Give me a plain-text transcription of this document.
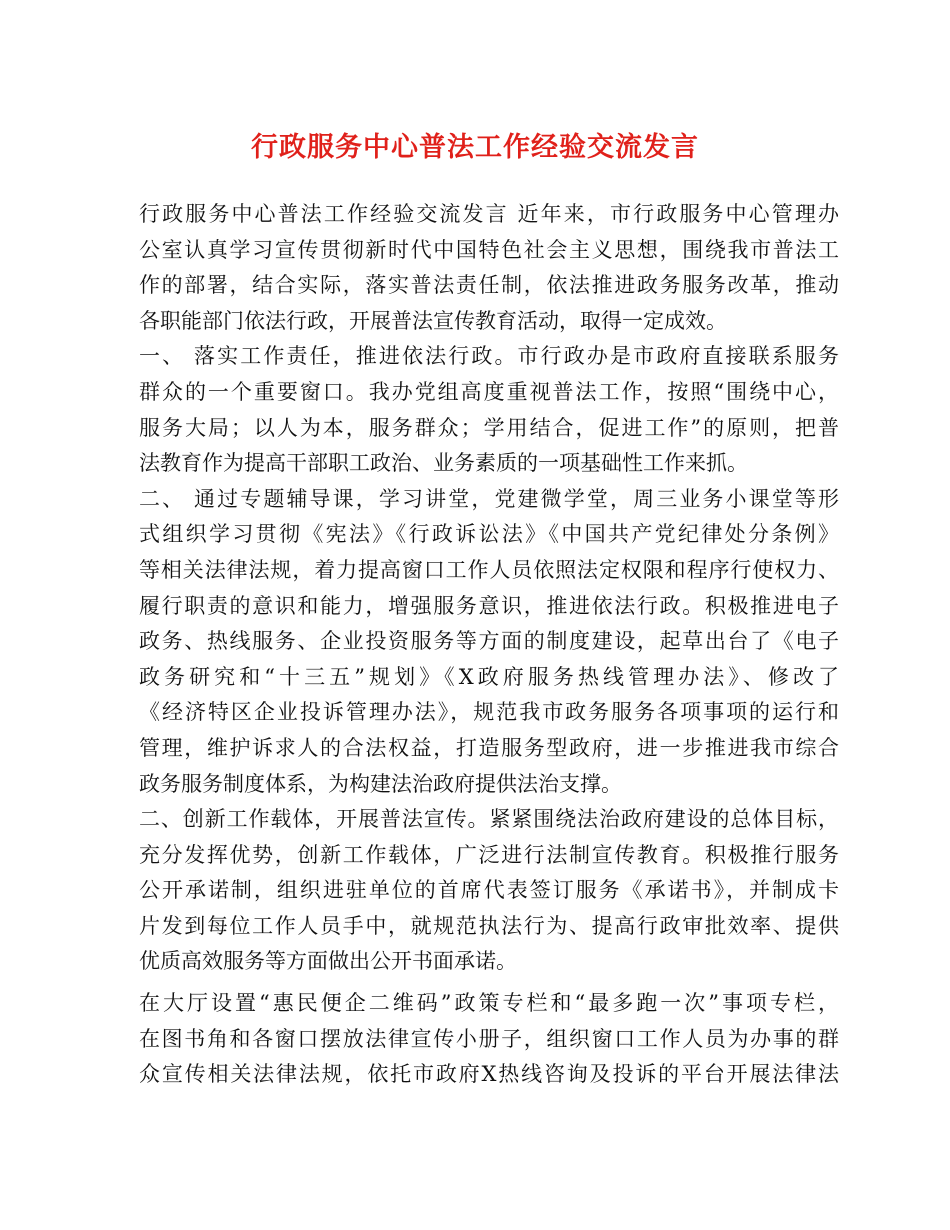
行政服务中心普法工作经验交流发言
行政服务中心普法工作经验交流发言 近年来，市行政服务中心管理办
公室认真学习宣传贯彻新时代中国特色社会主义思想，围绕我市普法工
作的部署，结合实际，落实普法责任制，依法推进政务服务改革，推动
各职能部门依法行政，开展普法宣传教育活动，取得一定成效。
一、 落实工作责任，推进依法行政。市行政办是市政府直接联系服务
群众的一个重要窗口。我办党组高度重视普法工作，按照“围绕中心，
服务大局；以人为本，服务群众；学用结合，促进工作”的原则，把普
法教育作为提高干部职工政治、业务素质的一项基础性工作来抓。
二、 通过专题辅导课，学习讲堂，党建微学堂，周三业务小课堂等形
式组织学习贯彻《宪法》《行政诉讼法》《中国共产党纪律处分条例》
等相关法律法规，着力提高窗口工作人员依照法定权限和程序行使权力、
履行职责的意识和能力，增强服务意识，推进依法行政。积极推进电子
政务、热线服务、企业投资服务等方面的制度建设，起草出台了《电子
政务研究和“十三五”规划》《X政府服务热线管理办法》、修改了
《经济特区企业投诉管理办法》，规范我市政务服务各项事项的运行和
管理，维护诉求人的合法权益，打造服务型政府，进一步推进我市综合
政务服务制度体系，为构建法治政府提供法治支撑。
二、创新工作载体，开展普法宣传。紧紧围绕法治政府建设的总体目标，
充分发挥优势，创新工作载体，广泛进行法制宣传教育。积极推行服务
公开承诺制，组织进驻单位的首席代表签订服务《承诺书》，并制成卡
片发到每位工作人员手中，就规范执法行为、提高行政审批效率、提供
优质高效服务等方面做出公开书面承诺。
在大厅设置“惠民便企二维码”政策专栏和“最多跑一次”事项专栏，
在图书角和各窗口摆放法律宣传小册子，组织窗口工作人员为办事的群
众宣传相关法律法规，依托市政府X热线咨询及投诉的平台开展法律法
